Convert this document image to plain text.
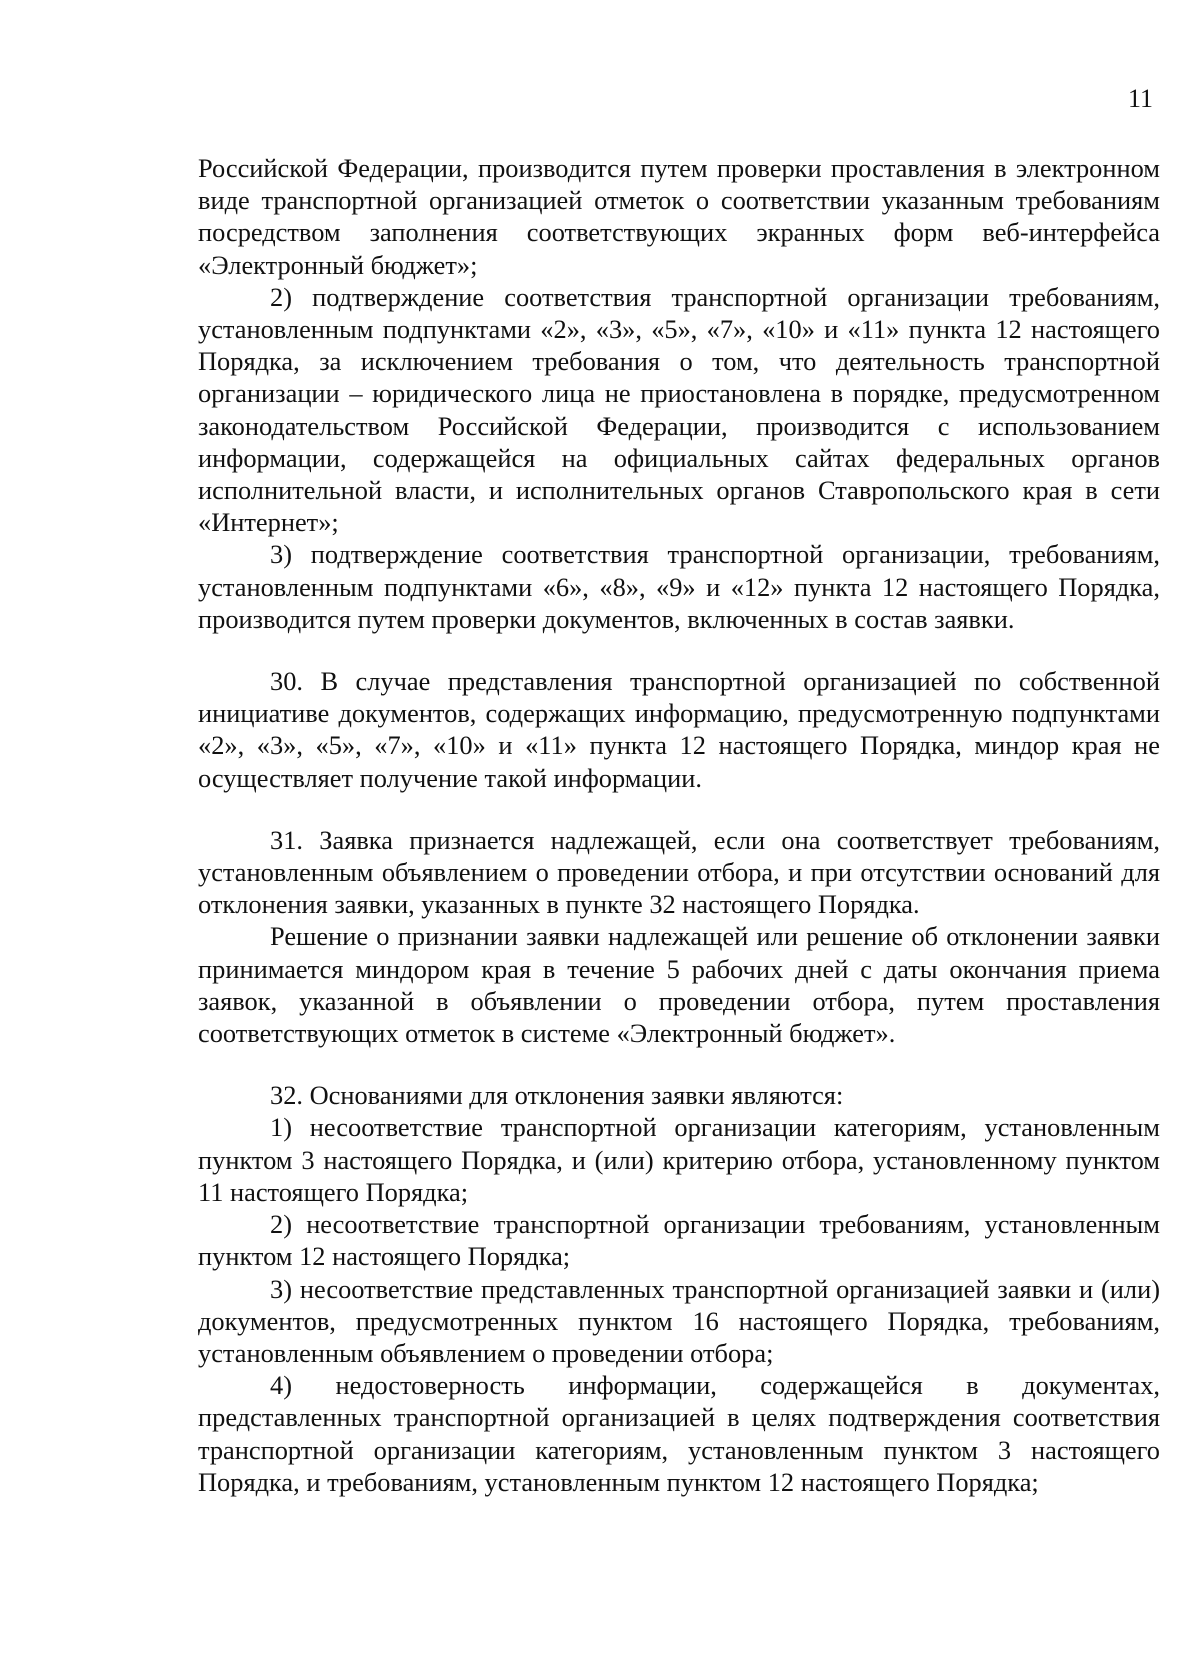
11

Российской Федерации, производится путем проверки проставления в электронном виде транспортной организацией отметок о соответствии указанным требованиям посредством заполнения соответствующих экранных форм веб-интерфейса «Электронный бюджет»;

2) подтверждение соответствия транспортной организации требованиям, установленным подпунктами «2», «3», «5», «7», «10» и «11» пункта 12 настоящего Порядка, за исключением требования о том, что деятельность транспортной организации – юридического лица не приостановлена в порядке, предусмотренном законодательством Российской Федерации, производится с использованием информации, содержащейся на официальных сайтах федеральных органов исполнительной власти, и исполнительных органов Ставропольского края в сети «Интернет»;

3) подтверждение соответствия транспортной организации, требованиям, установленным подпунктами «6», «8», «9» и «12» пункта 12 настоящего Порядка, производится путем проверки документов, включенных в состав заявки.

30. В случае представления транспортной организацией по собственной инициативе документов, содержащих информацию, предусмотренную подпунктами «2», «3», «5», «7», «10» и «11» пункта 12 настоящего Порядка, миндор края не осуществляет получение такой информации.

31. Заявка признается надлежащей, если она соответствует требованиям, установленным объявлением о проведении отбора, и при отсутствии оснований для отклонения заявки, указанных в пункте 32 настоящего Порядка.

Решение о признании заявки надлежащей или решение об отклонении заявки принимается миндором края в течение 5 рабочих дней с даты окончания приема заявок, указанной в объявлении о проведении отбора, путем проставления соответствующих отметок в системе «Электронный бюджет».

32. Основаниями для отклонения заявки являются:

1) несоответствие транспортной организации категориям, установленным пунктом 3 настоящего Порядка, и (или) критерию отбора, установленному пунктом 11 настоящего Порядка;

2) несоответствие транспортной организации требованиям, установленным пунктом 12 настоящего Порядка;

3) несоответствие представленных транспортной организацией заявки и (или) документов, предусмотренных пунктом 16 настоящего Порядка, требованиям, установленным объявлением о проведении отбора;

4) недостоверность информации, содержащейся в документах, представленных транспортной организацией в целях подтверждения соответствия транспортной организации категориям, установленным пунктом 3 настоящего Порядка, и требованиям, установленным пунктом 12 настоящего Порядка;
